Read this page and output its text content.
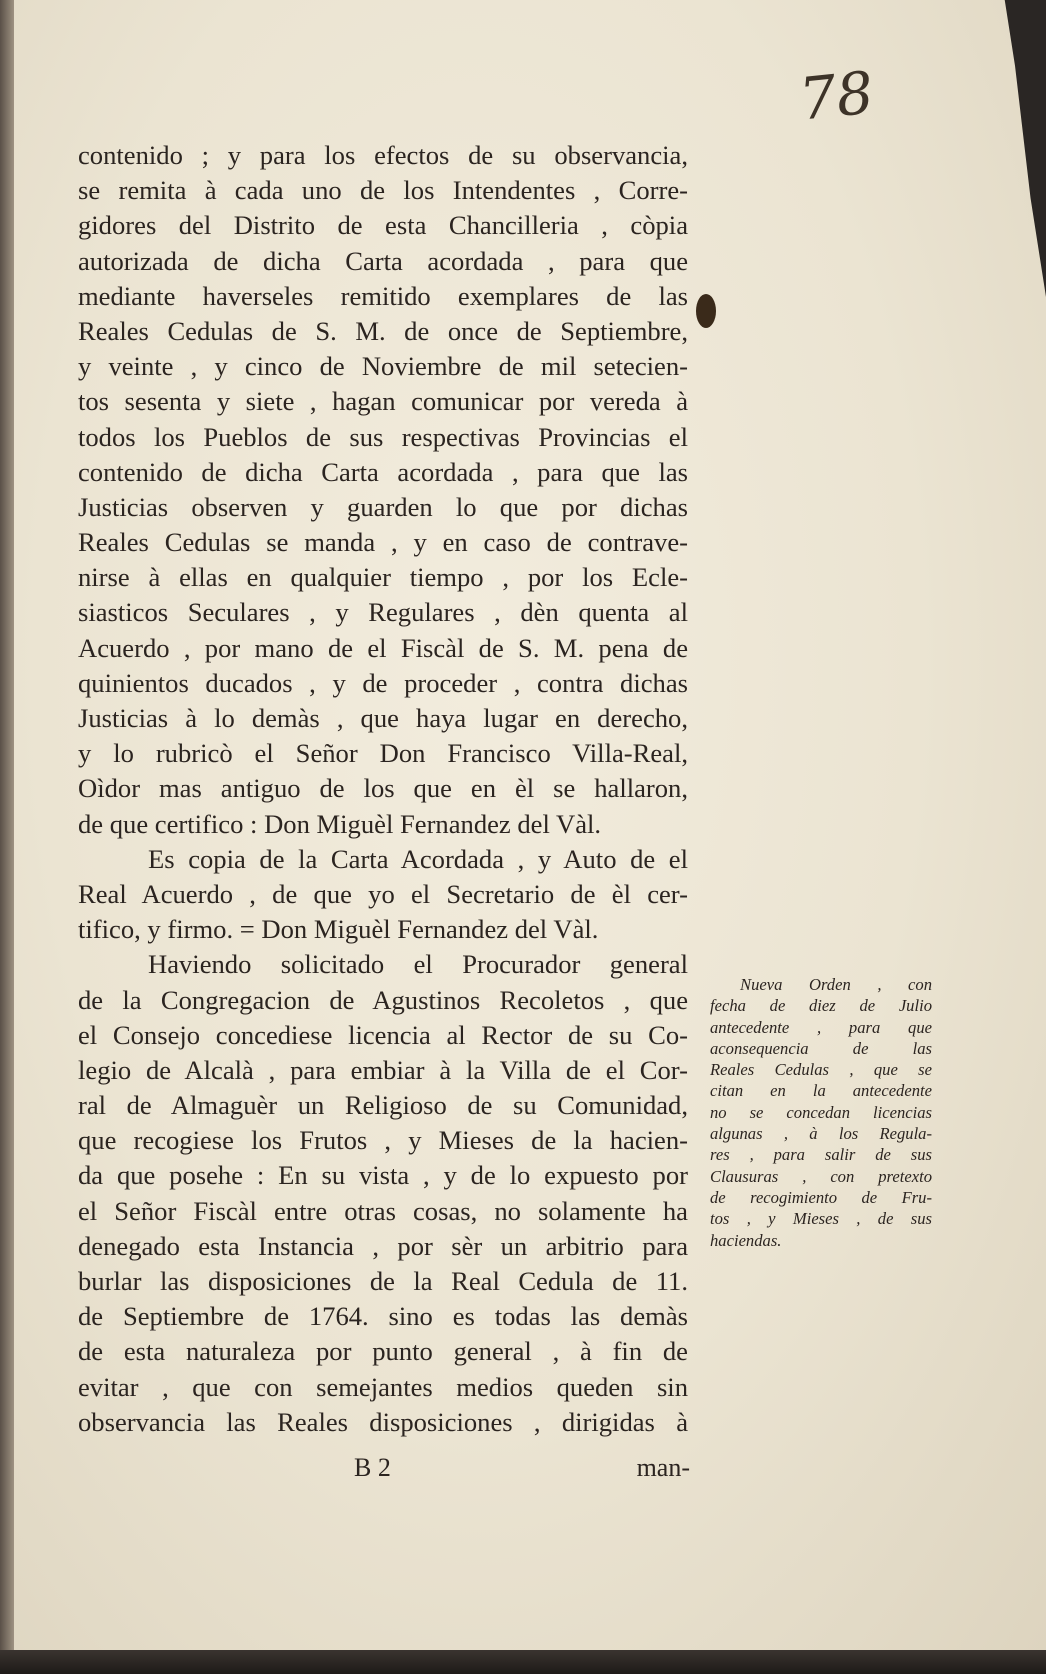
78
contenido ; y para los efectos de su observancia,
se remita à cada uno de los Intendentes , Corre-
gidores del Distrito de esta Chancilleria , còpia
autorizada de dicha Carta acordada , para que
mediante haverseles remitido exemplares de las
Reales Cedulas de S. M. de once de Septiembre,
y veinte , y cinco de Noviembre de mil setecien-
tos sesenta y siete , hagan comunicar por vereda à
todos los Pueblos de sus respectivas Provincias el
contenido de dicha Carta acordada , para que las
Justicias observen y guarden lo que por dichas
Reales Cedulas se manda , y en caso de contrave-
nirse à ellas en qualquier tiempo , por los Ecle-
siasticos Seculares , y Regulares , dèn quenta al
Acuerdo , por mano de el Fiscàl de S. M. pena de
quinientos ducados , y de proceder , contra dichas
Justicias à lo demàs , que haya lugar en derecho,
y lo rubricò el Señor Don Francisco Villa-Real,
Oìdor mas antiguo de los que en èl se hallaron,
de que certifico : Don Miguèl Fernandez del Vàl.
Es copia de la Carta Acordada , y Auto de el
Real Acuerdo , de que yo el Secretario de èl cer-
tifico, y firmo. = Don Miguèl Fernandez del Vàl.
Haviendo solicitado el Procurador general
de la Congregacion de Agustinos Recoletos , que
el Consejo concediese licencia al Rector de su Co-
legio de Alcalà , para embiar à la Villa de el Cor-
ral de Almaguèr un Religioso de su Comunidad,
que recogiese los Frutos , y Mieses de la hacien-
da que posehe : En su vista , y de lo expuesto por
el Señor Fiscàl entre otras cosas, no solamente ha
denegado esta Instancia , por sèr un arbitrio para
burlar las disposiciones de la Real Cedula de 11.
de Septiembre de 1764. sino es todas las demàs
de esta naturaleza por punto general , à fin de
evitar , que con semejantes medios queden sin
observancia las Reales disposiciones , dirigidas à
Nueva Orden , con
fecha de diez de Julio
antecedente , para que
aconsequencia de las
Reales Cedulas , que se
citan en la antecedente
no se concedan licencias
algunas , à los Regula-
res , para salir de sus
Clausuras , con pretexto
de recogimiento de Fru-
tos , y Mieses , de sus
haciendas.
B 2	man-
